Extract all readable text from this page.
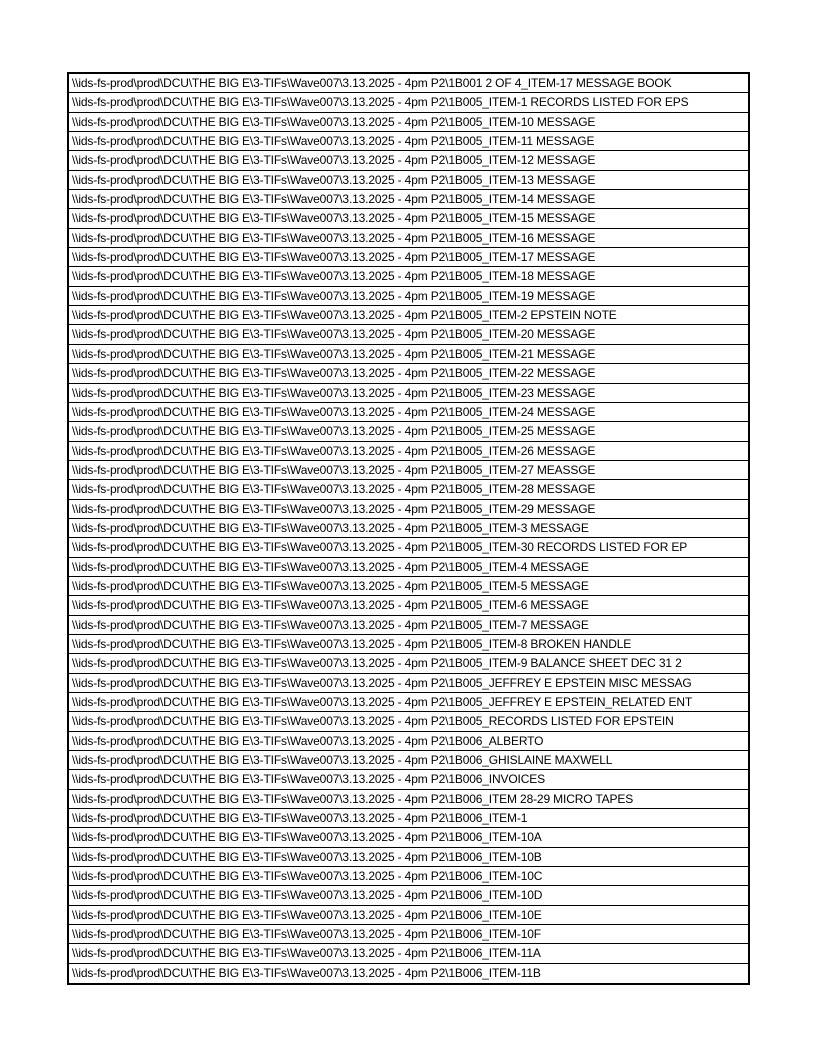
\\ids-fs-prod\prod\DCU\THE BIG E\3-TIFs\Wave007\3.13.2025 - 4pm P2\1B001 2 OF 4_ITEM-17 MESSAGE BOOK
\\ids-fs-prod\prod\DCU\THE BIG E\3-TIFs\Wave007\3.13.2025 - 4pm P2\1B005_ITEM-1 RECORDS LISTED FOR EPS
\\ids-fs-prod\prod\DCU\THE BIG E\3-TIFs\Wave007\3.13.2025 - 4pm P2\1B005_ITEM-10 MESSAGE
\\ids-fs-prod\prod\DCU\THE BIG E\3-TIFs\Wave007\3.13.2025 - 4pm P2\1B005_ITEM-11 MESSAGE
\\ids-fs-prod\prod\DCU\THE BIG E\3-TIFs\Wave007\3.13.2025 - 4pm P2\1B005_ITEM-12 MESSAGE
\\ids-fs-prod\prod\DCU\THE BIG E\3-TIFs\Wave007\3.13.2025 - 4pm P2\1B005_ITEM-13 MESSAGE
\\ids-fs-prod\prod\DCU\THE BIG E\3-TIFs\Wave007\3.13.2025 - 4pm P2\1B005_ITEM-14 MESSAGE
\\ids-fs-prod\prod\DCU\THE BIG E\3-TIFs\Wave007\3.13.2025 - 4pm P2\1B005_ITEM-15 MESSAGE
\\ids-fs-prod\prod\DCU\THE BIG E\3-TIFs\Wave007\3.13.2025 - 4pm P2\1B005_ITEM-16 MESSAGE
\\ids-fs-prod\prod\DCU\THE BIG E\3-TIFs\Wave007\3.13.2025 - 4pm P2\1B005_ITEM-17 MESSAGE
\\ids-fs-prod\prod\DCU\THE BIG E\3-TIFs\Wave007\3.13.2025 - 4pm P2\1B005_ITEM-18 MESSAGE
\\ids-fs-prod\prod\DCU\THE BIG E\3-TIFs\Wave007\3.13.2025 - 4pm P2\1B005_ITEM-19 MESSAGE
\\ids-fs-prod\prod\DCU\THE BIG E\3-TIFs\Wave007\3.13.2025 - 4pm P2\1B005_ITEM-2 EPSTEIN NOTE
\\ids-fs-prod\prod\DCU\THE BIG E\3-TIFs\Wave007\3.13.2025 - 4pm P2\1B005_ITEM-20 MESSAGE
\\ids-fs-prod\prod\DCU\THE BIG E\3-TIFs\Wave007\3.13.2025 - 4pm P2\1B005_ITEM-21 MESSAGE
\\ids-fs-prod\prod\DCU\THE BIG E\3-TIFs\Wave007\3.13.2025 - 4pm P2\1B005_ITEM-22 MESSAGE
\\ids-fs-prod\prod\DCU\THE BIG E\3-TIFs\Wave007\3.13.2025 - 4pm P2\1B005_ITEM-23 MESSAGE
\\ids-fs-prod\prod\DCU\THE BIG E\3-TIFs\Wave007\3.13.2025 - 4pm P2\1B005_ITEM-24 MESSAGE
\\ids-fs-prod\prod\DCU\THE BIG E\3-TIFs\Wave007\3.13.2025 - 4pm P2\1B005_ITEM-25 MESSAGE
\\ids-fs-prod\prod\DCU\THE BIG E\3-TIFs\Wave007\3.13.2025 - 4pm P2\1B005_ITEM-26 MESSAGE
\\ids-fs-prod\prod\DCU\THE BIG E\3-TIFs\Wave007\3.13.2025 - 4pm P2\1B005_ITEM-27 MEASSGE
\\ids-fs-prod\prod\DCU\THE BIG E\3-TIFs\Wave007\3.13.2025 - 4pm P2\1B005_ITEM-28 MESSAGE
\\ids-fs-prod\prod\DCU\THE BIG E\3-TIFs\Wave007\3.13.2025 - 4pm P2\1B005_ITEM-29 MESSAGE
\\ids-fs-prod\prod\DCU\THE BIG E\3-TIFs\Wave007\3.13.2025 - 4pm P2\1B005_ITEM-3 MESSAGE
\\ids-fs-prod\prod\DCU\THE BIG E\3-TIFs\Wave007\3.13.2025 - 4pm P2\1B005_ITEM-30 RECORDS LISTED FOR EP
\\ids-fs-prod\prod\DCU\THE BIG E\3-TIFs\Wave007\3.13.2025 - 4pm P2\1B005_ITEM-4 MESSAGE
\\ids-fs-prod\prod\DCU\THE BIG E\3-TIFs\Wave007\3.13.2025 - 4pm P2\1B005_ITEM-5 MESSAGE
\\ids-fs-prod\prod\DCU\THE BIG E\3-TIFs\Wave007\3.13.2025 - 4pm P2\1B005_ITEM-6 MESSAGE
\\ids-fs-prod\prod\DCU\THE BIG E\3-TIFs\Wave007\3.13.2025 - 4pm P2\1B005_ITEM-7 MESSAGE
\\ids-fs-prod\prod\DCU\THE BIG E\3-TIFs\Wave007\3.13.2025 - 4pm P2\1B005_ITEM-8 BROKEN HANDLE
\\ids-fs-prod\prod\DCU\THE BIG E\3-TIFs\Wave007\3.13.2025 - 4pm P2\1B005_ITEM-9 BALANCE SHEET DEC 31 2
\\ids-fs-prod\prod\DCU\THE BIG E\3-TIFs\Wave007\3.13.2025 - 4pm P2\1B005_JEFFREY E EPSTEIN MISC MESSAG
\\ids-fs-prod\prod\DCU\THE BIG E\3-TIFs\Wave007\3.13.2025 - 4pm P2\1B005_JEFFREY E EPSTEIN_RELATED ENT
\\ids-fs-prod\prod\DCU\THE BIG E\3-TIFs\Wave007\3.13.2025 - 4pm P2\1B005_RECORDS LISTED FOR EPSTEIN
\\ids-fs-prod\prod\DCU\THE BIG E\3-TIFs\Wave007\3.13.2025 - 4pm P2\1B006_ALBERTO
\\ids-fs-prod\prod\DCU\THE BIG E\3-TIFs\Wave007\3.13.2025 - 4pm P2\1B006_GHISLAINE MAXWELL
\\ids-fs-prod\prod\DCU\THE BIG E\3-TIFs\Wave007\3.13.2025 - 4pm P2\1B006_INVOICES
\\ids-fs-prod\prod\DCU\THE BIG E\3-TIFs\Wave007\3.13.2025 - 4pm P2\1B006_ITEM 28-29 MICRO TAPES
\\ids-fs-prod\prod\DCU\THE BIG E\3-TIFs\Wave007\3.13.2025 - 4pm P2\1B006_ITEM-1
\\ids-fs-prod\prod\DCU\THE BIG E\3-TIFs\Wave007\3.13.2025 - 4pm P2\1B006_ITEM-10A
\\ids-fs-prod\prod\DCU\THE BIG E\3-TIFs\Wave007\3.13.2025 - 4pm P2\1B006_ITEM-10B
\\ids-fs-prod\prod\DCU\THE BIG E\3-TIFs\Wave007\3.13.2025 - 4pm P2\1B006_ITEM-10C
\\ids-fs-prod\prod\DCU\THE BIG E\3-TIFs\Wave007\3.13.2025 - 4pm P2\1B006_ITEM-10D
\\ids-fs-prod\prod\DCU\THE BIG E\3-TIFs\Wave007\3.13.2025 - 4pm P2\1B006_ITEM-10E
\\ids-fs-prod\prod\DCU\THE BIG E\3-TIFs\Wave007\3.13.2025 - 4pm P2\1B006_ITEM-10F
\\ids-fs-prod\prod\DCU\THE BIG E\3-TIFs\Wave007\3.13.2025 - 4pm P2\1B006_ITEM-11A
\\ids-fs-prod\prod\DCU\THE BIG E\3-TIFs\Wave007\3.13.2025 - 4pm P2\1B006_ITEM-11B
